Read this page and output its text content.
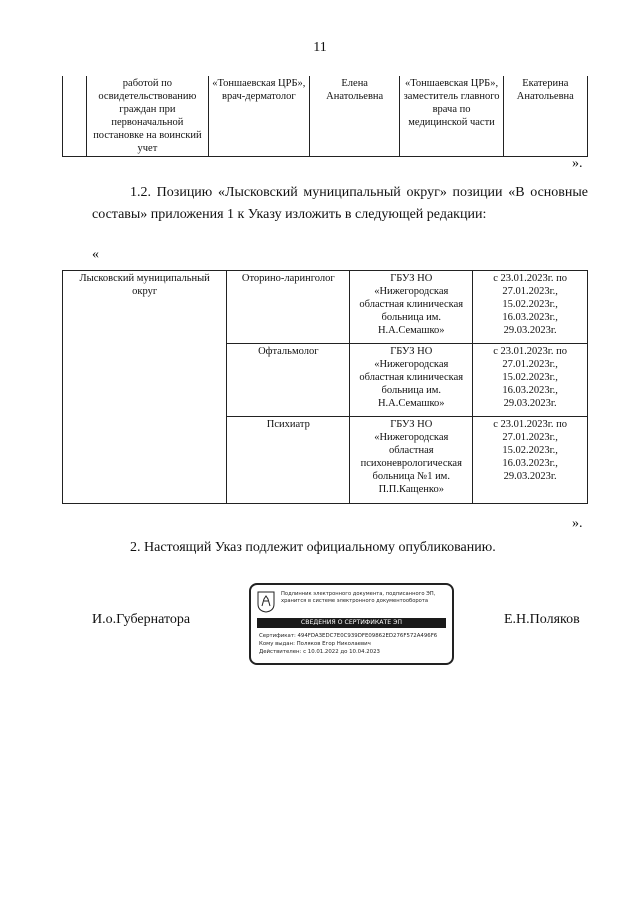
11
	работой по освидетельствованию граждан при первоначальной постановке на воинский учет	«Тоншаевская ЦРБ», врач-дерматолог	Елена Анатольевна	«Тоншаевская ЦРБ», заместитель главного врача по медицинской части	Екатерина Анатольевна
».
1.2. Позицию «Лысковский муниципальный округ» позиции «В основные составы» приложения 1 к Указу изложить в следующей редакции:
«
Лысковский муниципальный округ	Оторино-ларинголог	ГБУЗ НО «Нижегородская областная клиническая больница им. Н.А.Семашко»	с 23.01.2023г. по 27.01.2023г., 15.02.2023г., 16.03.2023г., 29.03.2023г.
	Офтальмолог	ГБУЗ НО «Нижегородская областная клиническая больница им. Н.А.Семашко»	с 23.01.2023г. по 27.01.2023г., 15.02.2023г., 16.03.2023г., 29.03.2023г.
	Психиатр	ГБУЗ НО «Нижегородская областная психоневрологическая больница №1 им. П.П.Кащенко»	с 23.01.2023г. по 27.01.2023г., 15.02.2023г., 16.03.2023г., 29.03.2023г.
».
2. Настоящий Указ подлежит официальному опубликованию.
И.о.Губернатора	Е.Н.Поляков
Подлинник электронного документа, подписанного ЭП, хранится в системе электронного документооборота
СВЕДЕНИЯ О СЕРТИФИКАТЕ ЭП
Сертификат: 494FDA3EDC7E0C939DFE09862ED276F572A496F6
Кому выдан: Поляков Егор Николаевич
Действителен: с 10.01.2022 до 10.04.2023
